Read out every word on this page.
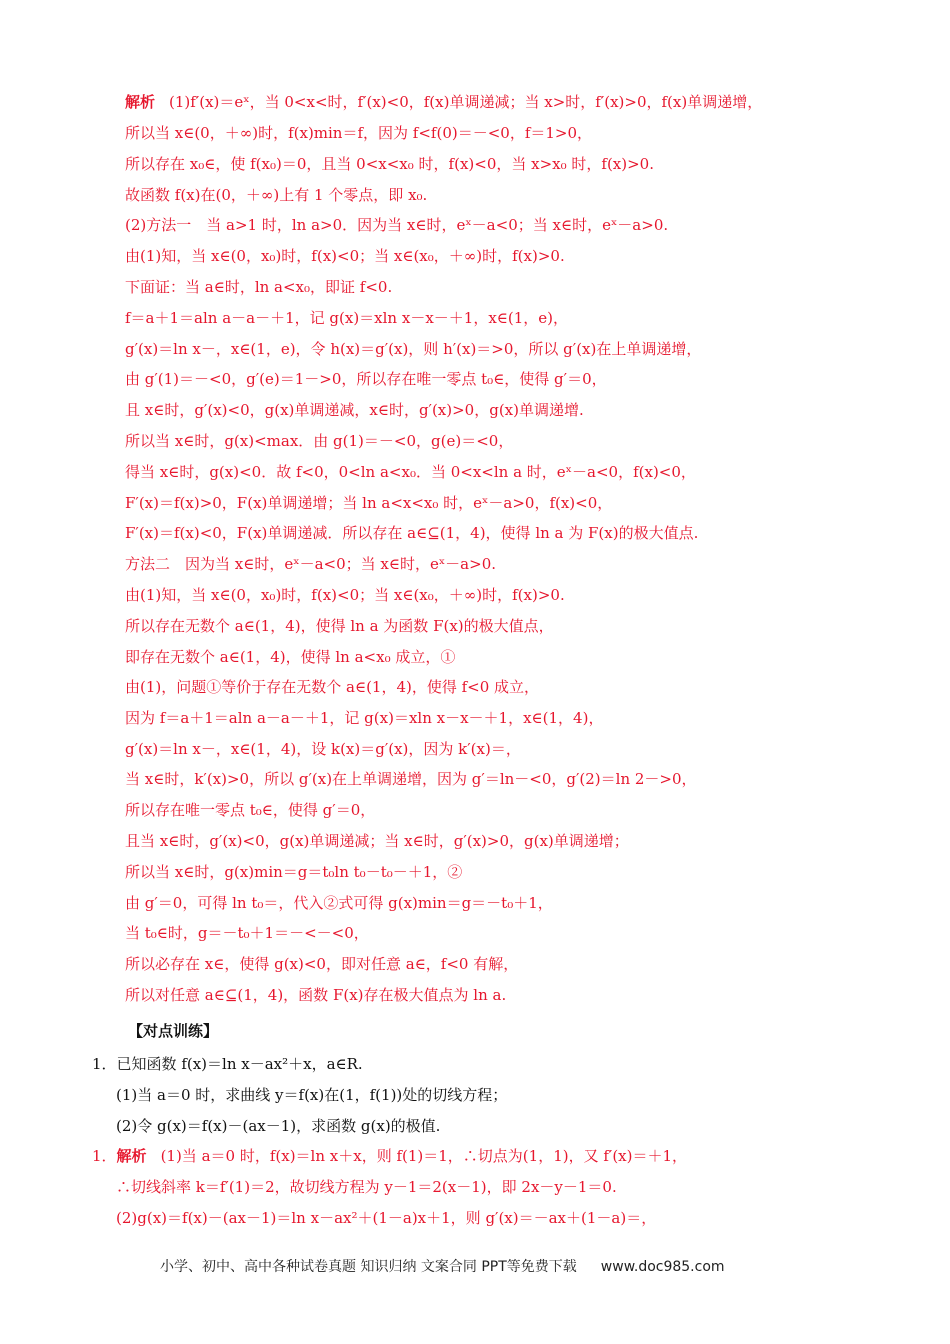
解析 (1)f′(x)＝eˣ，当 0<x<时，f′(x)<0，f(x)单调递减；当 x>时，f′(x)>0，f(x)单调递增，
所以当 x∈(0，＋∞)时，f(x)min＝f，因为 f<f(0)＝－<0，f＝1>0，
所以存在 x₀∈，使 f(x₀)＝0，且当 0<x<x₀ 时，f(x)<0，当 x>x₀ 时，f(x)>0.
故函数 f(x)在(0，＋∞)上有 1 个零点，即 x₀.
(2)方法一　当 a>1 时，ln a>0．因为当 x∈时，eˣ－a<0；当 x∈时，eˣ－a>0.
由(1)知，当 x∈(0，x₀)时，f(x)<0；当 x∈(x₀，＋∞)时，f(x)>0.
下面证：当 a∈时，ln a<x₀，即证 f<0.
f＝a＋1＝aln a－a－＋1，记 g(x)＝xln x－x－＋1，x∈(1，e)，
g′(x)＝ln x－，x∈(1，e)，令 h(x)＝g′(x)，则 h′(x)＝>0，所以 g′(x)在上单调递增，
由 g′(1)＝－<0，g′(e)＝1－>0，所以存在唯一零点 t₀∈，使得 g′＝0，
且 x∈时，g′(x)<0，g(x)单调递减，x∈时，g′(x)>0，g(x)单调递增.
所以当 x∈时，g(x)<max．由 g(1)＝－<0，g(e)＝<0，
得当 x∈时，g(x)<0．故 f<0，0<ln a<x₀．当 0<x<ln a 时，eˣ－a<0，f(x)<0，
F′(x)＝f(x)>0，F(x)单调递增；当 ln a<x<x₀ 时，eˣ－a>0，f(x)<0，
F′(x)＝f(x)<0，F(x)单调递减．所以存在 a∈⊆(1，4)，使得 ln a 为 F(x)的极大值点.
方法二　因为当 x∈时，eˣ－a<0；当 x∈时，eˣ－a>0.
由(1)知，当 x∈(0，x₀)时，f(x)<0；当 x∈(x₀，＋∞)时，f(x)>0.
所以存在无数个 a∈(1，4)，使得 ln a 为函数 F(x)的极大值点，
即存在无数个 a∈(1，4)，使得 ln a<x₀ 成立，①
由(1)，问题①等价于存在无数个 a∈(1，4)，使得 f<0 成立，
因为 f＝a＋1＝aln a－a－＋1，记 g(x)＝xln x－x－＋1，x∈(1，4)，
g′(x)＝ln x－，x∈(1，4)，设 k(x)＝g′(x)，因为 k′(x)＝，
当 x∈时，k′(x)>0，所以 g′(x)在上单调递增，因为 g′＝ln－<0，g′(2)＝ln 2－>0，
所以存在唯一零点 t₀∈，使得 g′＝0，
且当 x∈时，g′(x)<0，g(x)单调递减；当 x∈时，g′(x)>0，g(x)单调递增；
所以当 x∈时，g(x)min＝g＝t₀ln t₀－t₀－＋1，②
由 g′＝0，可得 ln t₀＝，代入②式可得 g(x)min＝g＝－t₀＋1，
当 t₀∈时，g＝－t₀＋1＝－<－<0，
所以必存在 x∈，使得 g(x)<0，即对任意 a∈，f<0 有解，
所以对任意 a∈⊆(1，4)，函数 F(x)存在极大值点为 ln a.
【对点训练】
1．已知函数 f(x)＝ln x－ax²＋x，a∈R.
(1)当 a＝0 时，求曲线 y＝f(x)在(1，f(1))处的切线方程；
(2)令 g(x)＝f(x)－(ax－1)，求函数 g(x)的极值.
1．解析 (1)当 a＝0 时，f(x)＝ln x＋x，则 f(1)＝1，∴切点为(1，1)，又 f′(x)＝＋1，
∴切线斜率 k＝f′(1)＝2，故切线方程为 y－1＝2(x－1)，即 2x－y－1＝0.
(2)g(x)＝f(x)－(ax－1)＝ln x－ax²＋(1－a)x＋1，则 g′(x)＝－ax＋(1－a)＝，
小学、初中、高中各种试卷真题 知识归纳 文案合同 PPT等免费下载 www.doc985.com
